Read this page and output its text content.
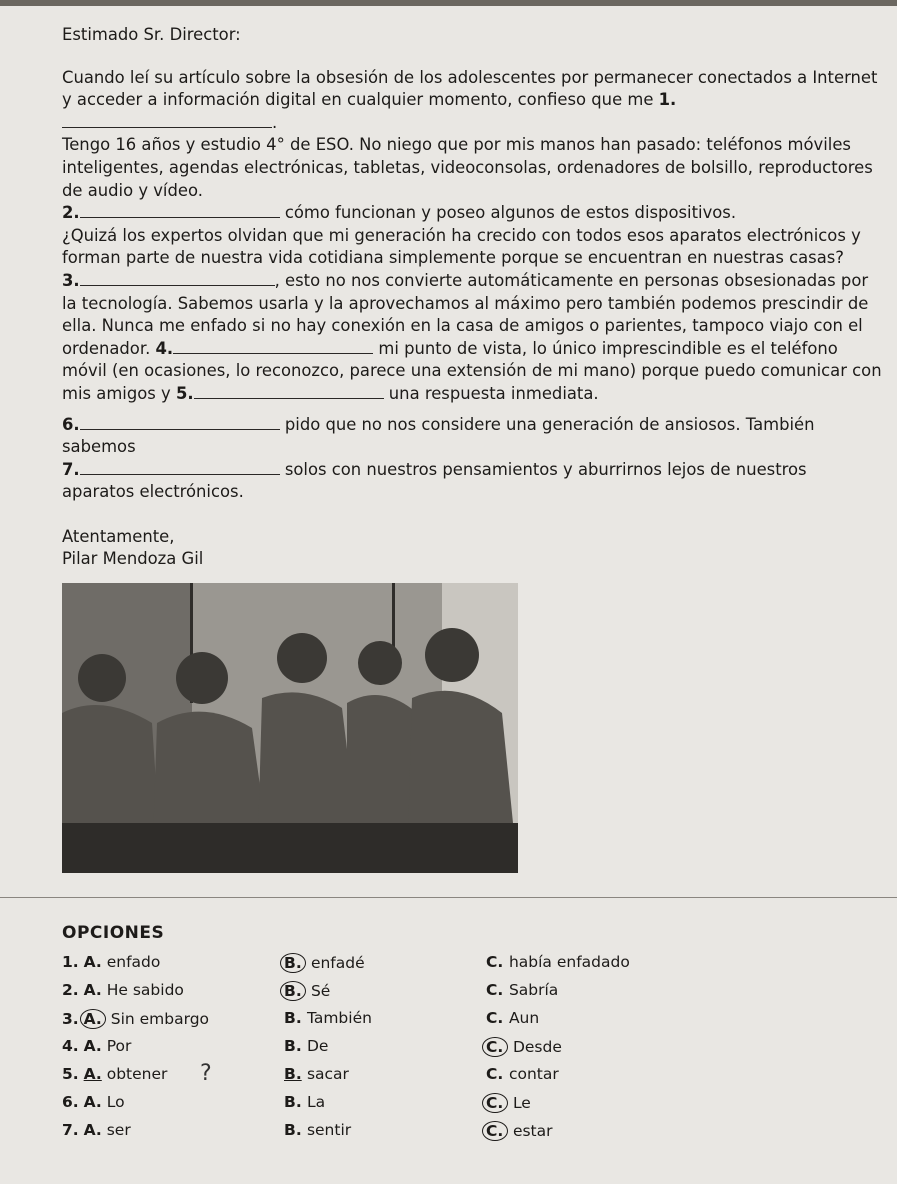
Estimado Sr. Director:

Cuando leí su artículo sobre la obsesión de los adolescentes por permanecer conectados a Internet y acceder a información digital en cualquier momento, confieso que me 1..

Tengo 16 años y estudio 4° de ESO. No niego que por mis manos han pasado: teléfonos móviles inteligentes, agendas electrónicas, tabletas, videoconsolas, ordenadores de bolsillo, reproductores de audio y vídeo.

2.	cómo funcionan y poseo algunos de estos dispositivos.

¿Quizá los expertos olvidan que mi generación ha crecido con todos esos aparatos electrónicos y forman parte de nuestra vida cotidiana simplemente porque se encuentran en nuestras casas?

3.	, esto no nos convierte automáticamente en personas obsesionadas por la tecnología. Sabemos usarla y la aprovechamos al máximo pero también podemos prescindir de ella. Nunca me enfado si no hay conexión en la casa de amigos o parientes, tampoco viajo con el ordenador. 4.	mi punto de vista, lo único imprescindible es el teléfono móvil (en ocasiones, lo reconozco, parece una extensión de mi mano) porque puedo comunicar con mis amigos y 5.	una respuesta inmediata.

6.	pido que no nos considere una generación de ansiosos. También sabemos

7.	solos con nuestros pensamientos y aburrirnos lejos de nuestros aparatos electrónicos.

Atentamente,

Pilar Mendoza Gil

OPCIONES
1. A. enfado	B. enfadé	C. había enfadado
2. A. He sabido	B. Sé	C. Sabría
3. A. Sin embargo	B. También	C. Aun
4. A. Por	B. De	C. Desde
5. A. obtener ?	B. sacar	C. contar
6. A. Lo	B. La	C. Le
7. A. ser	B. sentir	C. estar
